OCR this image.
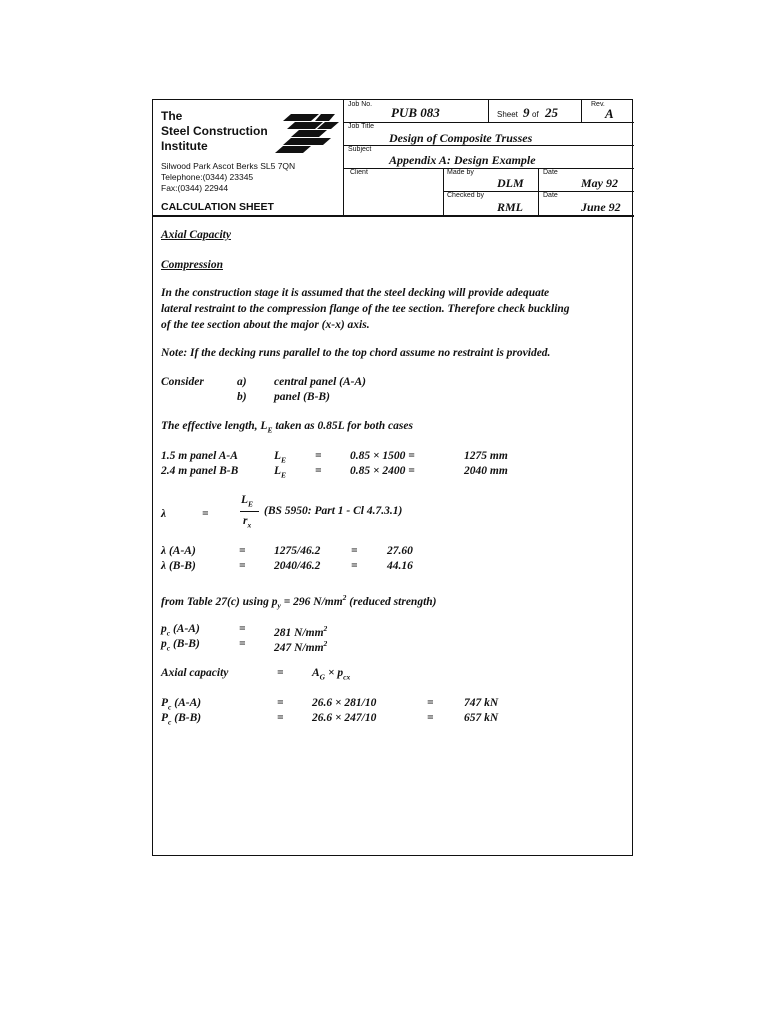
The
Steel Construction
Institute
Silwood Park Ascot Berks SL5 7QN
Telephone:(0344) 23345
Fax:(0344) 22944
CALCULATION SHEET
Job No.
PUB 083	Sheet 9 of 25
Rev.
A
Job Title
Design of Composite Trusses
Subject
Appendix A: Design Example
Client	Made by
DLM
Date
May 92
Checked by
RML
Date
June 92
Axial Capacity
Compression
In the construction stage it is assumed that the steel decking will provide adequate
lateral restraint to the compression flange of the tee section. Therefore check buckling
of the tee section about the major (x-x) axis.
Note: If the decking runs parallel to the top chord assume no restraint is provided.
Consider	a) central panel (A-A)
b) panel (B-B)
The effective length, $L_E$ taken as 0.85L for both cases
1.5 m panel A-A	$L_E$	= 0.85 × 1500 =	1275 mm
2.4 m panel B-B	$L_E$	= 0.85 × 2400 =	2040 mm
λ	=
$L_E$
$r_x$
(BS 5950: Part 1 - Cl 4.7.3.1)
λ (A-A)	= 1275/46.2	=	27.60
λ (B-B)	= 2040/46.2	=	44.16
from Table 27(c) using $p_y = 296$ $N/mm^2$ (reduced strength)
$p_c$ (A-A)	= 281 $N/mm^2$
$p_c$ (B-B)	= 247 $N/mm^2$
Axial capacity	= $A_G \times p_{cx}$
$P_c$ (A-A)	= 26.6 × 281/10	=	747 kN
$P_c$ (B-B)	= 26.6 × 247/10	=	657 kN
